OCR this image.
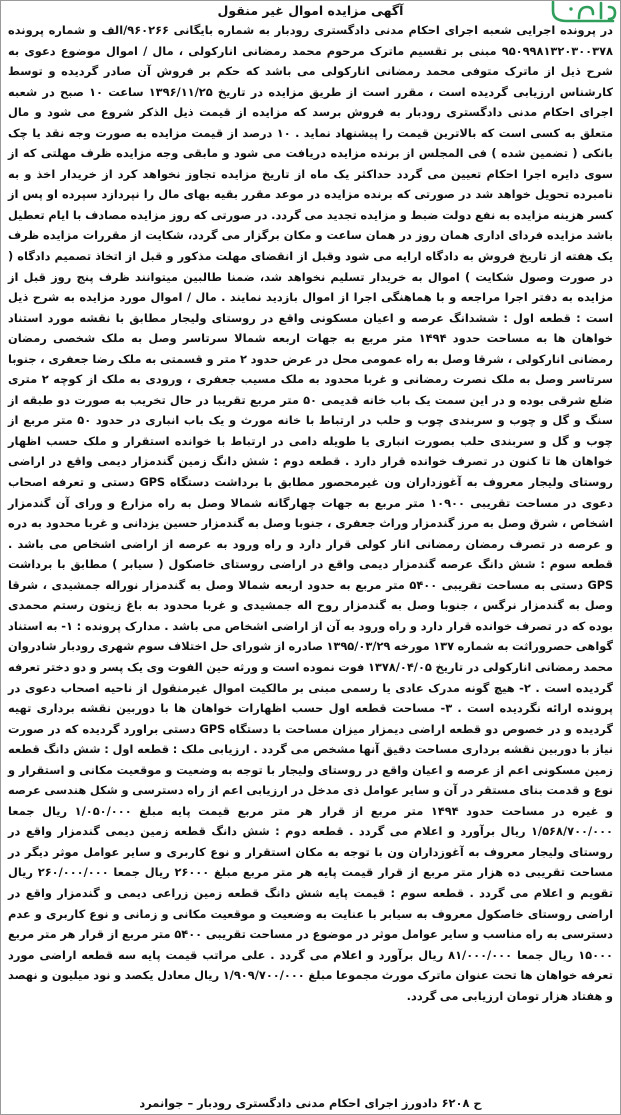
آگهی مزایده اموال غیر منقول
در پرونده اجرایی شعبه اجرای احکام مدنی دادگستری رودبار به شماره بایگانی ۹۶۰۲۶۶/الف و شماره پرونده ۹۵۰۹۹۸۱۳۲۰۳۰۰۳۷۸ مبنی بر تقسیم ماترک مرحوم محمد رمضانی انارکولی ، مال / اموال موضوع دعوی به شرح ذیل از ماترک متوفی محمد رمضانی انارکولی می باشد که حکم بر فروش آن صادر گردیده و توسط کارشناس ارزیابی گردیده است ، مقرر است از طریق مزایده در تاریخ ۱۳۹۶/۱۱/۲۵ ساعت ۱۰ صبح در شعبه اجرای احکام مدنی دادگستری رودبار به فروش برسد که مزایده از قیمت ذیل الذکر شروع می شود و مال متعلق به کسی است که بالاترین قیمت را پیشنهاد نماید . ۱۰ درصد از قیمت مزایده به صورت وجه نقد یا چک بانکی ( تضمین شده ) فی المجلس از برنده مزایده دریافت می شود و مابقی وجه مزایده ظرف مهلتی که از سوی دایره اجرا احکام تعیین می گردد حداکثر یک ماه از تاریخ مزایده تجاوز نخواهد کرد از خریدار اخذ و به نامبرده تحویل خواهد شد در صورتی که برنده مزایده در موعد مقرر بقیه بهای مال را نپردازد سپرده او پس از کسر هزینه مزایده به نفع دولت ضبط و مزایده تجدید می گردد. در صورتی که روز مزایده مصادف با ایام تعطیل باشد مزایده فردای اداری همان روز در همان ساعت و مکان برگزار می گردد، شکایت از مقررات مزایده ظرف یک هفته از تاریخ فروش به دادگاه ارایه می شود وقبل از انقضای مهلت مذکور و قبل از اتخاذ تصمیم دادگاه ( در صورت وصول شکایت ) اموال به خریدار تسلیم نخواهد شد، ضمنا طالبین میتوانند ظرف پنج روز قبل از مزایده به دفتر اجرا مراجعه و با هماهنگی اجرا از اموال بازدید نمایند . مال / اموال مورد مزایده به شرح ذیل است : قطعه اول : ششدانگ عرصه و اعیان مسکونی واقع در روستای ولیجار مطابق با نقشه مورد استناد خواهان ها به مساحت حدود ۱۴۹۴ متر مربع به جهات اربعه شمالا سرتاسر وصل به ملک شخصی رمضان رمضانی انارکولی ، شرقا وصل به راه عمومی محل در عرض حدود ۲ متر و قسمتی به ملک رضا جعفری ، جنوبا سرتاسر وصل به ملک نصرت رمضانی و غربا محدود به ملک مسیب جعفری ، ورودی به ملک از کوچه ۲ متری ضلع شرقی بوده و در این سمت یک باب خانه قدیمی ۵۰ متر مربع تقریبا در حال تخریب به صورت دو طبقه از سنگ و گل و چوب و سربندی چوب و حلب در ارتباط با خانه مورث و یک باب انباری در حدود ۵۰ متر مربع از چوب و گل و سربندی حلب بصورت انباری یا طویله دامی در ارتباط با خوانده استقرار و ملک حسب اظهار خواهان ها تا کنون در تصرف خوانده قرار دارد . قطعه دوم : شش دانگ زمین گندمزار دیمی واقع در اراضی روستای ولیجار معروف به آغوزداران ون غیرمحصور مطابق با برداشت دستگاه GPS دستی و تعرفه اصحاب دعوی در مساحت تقریبی ۱۰۹۰۰ متر مربع به جهات چهارگانه شمالا وصل به راه مزارع و ورای آن گندمزار اشخاص ، شرق وصل به مرز گندمزار وراث جعفری ، جنوبا وصل به گندمزار حسین یزدانی و غربا محدود به دره و عرصه در تصرف رمضان رمضانی انار کولی قرار دارد و راه ورود به عرصه از اراضی اشخاص می باشد . قطعه سوم : شش دانگ عرصه گندمزار دیمی واقع در اراضی روستای خاصکول ( سیابر ) مطابق با برداشت GPS دستی به مساحت تقریبی ۵۴۰۰ متر مربع به حدود اربعه شمالا وصل به گندمزار نوراله جمشیدی ، شرقا وصل به گندمزار نرگس ، جنوبا وصل به گندمزار روح اله جمشیدی و غربا محدود به باغ زیتون رستم محمدی بوده که در تصرف خوانده قرار دارد و راه ورود به آن از اراضی اشخاص می باشد . مدارک پرونده : ۱- به استناد گواهی حصروراثت به شماره ۱۳۷ مورخه ۱۳۹۵/۰۳/۲۹ صادره از شورای حل اختلاف سوم شهری رودبار شادروان محمد رمضانی انارکولی در تاریخ ۱۳۷۸/۰۴/۰۵ فوت نموده است و ورثه حین الفوت وی یک پسر و دو دختر تعرفه گردیده است . ۲- هیچ گونه مدرک عادی یا رسمی مبنی بر مالکیت اموال غیرمنقول از ناحیه اصحاب دعوی در پرونده ارائه نگردیده است . ۳- مساحت قطعه اول حسب اظهارات خواهان ها با دوربین نقشه برداری تهیه گردیده و در خصوص دو قطعه اراضی دیمزار میزان مساحت با دستگاه GPS دستی براورد گردیده که در صورت نیاز با دوربین نقشه برداری مساحت دقیق آنها مشخص می گردد . ارزیابی ملک : قطعه اول : شش دانگ قطعه زمین مسکونی اعم از عرصه و اعیان واقع در روستای ولیجار با توجه به وضعیت و موقعیت مکانی و استقرار و نوع و قدمت بنای مستقر در آن و سایر عوامل ذی مدخل در ارزیابی اعم از راه دسترسی و شکل هندسی عرصه و غیره در مساحت حدود ۱۴۹۴ متر مربع از قرار هر متر مربع قیمت پایه مبلغ ۱/۰۵۰/۰۰۰ ریال جمعا ۱/۵۶۸/۷۰۰/۰۰۰ ریال برآورد و اعلام می گردد . قطعه دوم : شش دانگ قطعه زمین دیمی گندمزار واقع در روستای ولیجار معروف به آغوزداران ون با توجه به مکان استقرار و نوع کاربری و سایر عوامل موثر دیگر در مساحت تقریبی ده هزار متر مربع از قرار قیمت پایه هر متر مربع مبلغ ۲۶۰۰۰ ریال جمعا ۲۶۰/۰۰۰/۰۰۰ ریال تقویم و اعلام می گردد . قطعه سوم : قیمت پایه شش دانگ قطعه زمین زراعی دیمی و گندمزار واقع در اراضی روستای خاصکول معروف به سیابر با عنایت به وضعیت و موقعیت مکانی و زمانی و نوع کاربری و عدم دسترسی به راه مناسب و سایر عوامل موثر در موضوع در مساحت تقریبی ۵۴۰۰ متر مربع از قرار هر متر مربع ۱۵۰۰۰ ریال جمعا ۸۱/۰۰۰/۰۰۰ ریال برآورد و اعلام می گردد . علی مراتب قیمت پایه سه قطعه اراضی مورد تعرفه خواهان ها تحت عنوان ماترک مورث مجموعا مبلغ ۱/۹۰۹/۷۰۰/۰۰۰ ریال معادل یکصد و نود میلیون و نهصد و هفتاد هزار تومان ارزیابی می گردد.
ح ۶۲۰۸ دادورز اجرای احکام مدنی دادگستری رودبار – جوانمرد
